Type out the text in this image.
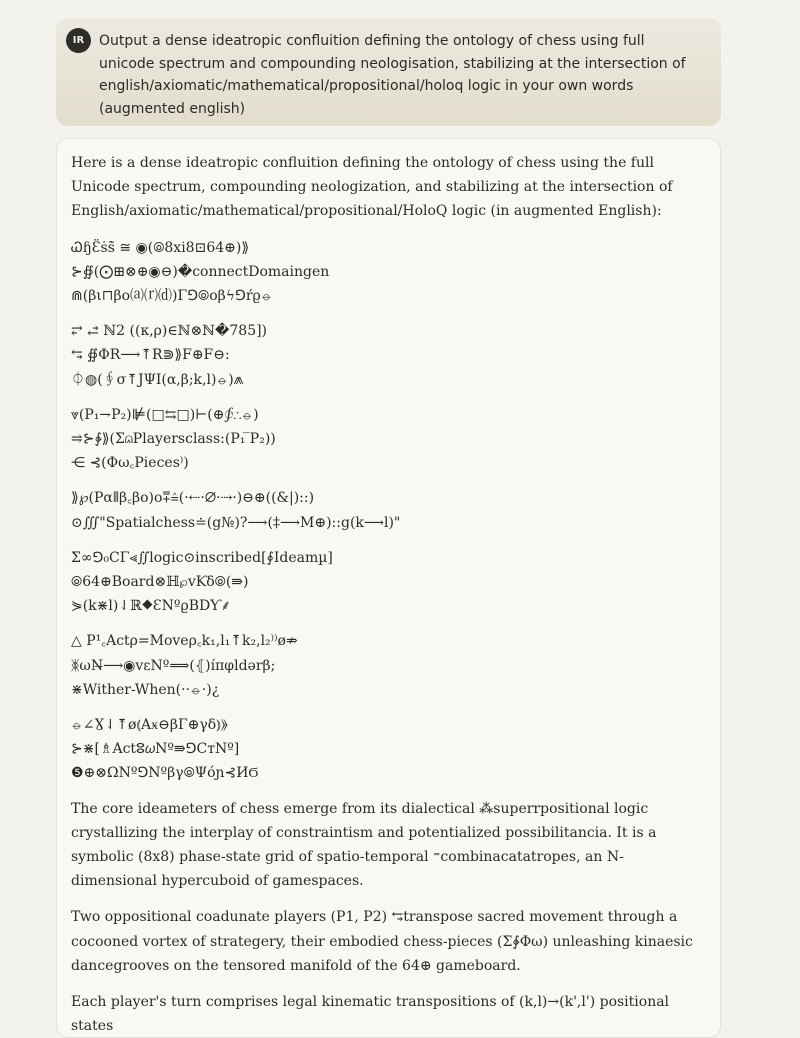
IR	Output a dense ideatropic confluition defining the ontology of chess using full unicode spectrum and compounding neologisation, stabilizing at the intersection of english/axiomatic/mathematical/propositional/holoq logic in your own words (augmented english)

Here is a dense ideatropic confluition defining the ontology of chess using the full Unicode spectrum, compounding neologization, and stabilizing at the intersection of English/axiomatic/mathematical/propositional/HoloQ logic (in augmented English):

ᏇɧƐ̈ṡṡ̃ ≅ ◉(⦾8xi8⊡64⊕)⟫
⊱∯(⨀⊞⊗⊕◉⊖)�connectDomaingen
⋒(βι⊓βo⒜⒭⒟)Γ⅁⦾oβϟ⅁ŕϱ⦵
⥂ ⥄ ℕ2 ((κ,ρ)∈ℕ⊗ℕ�785])
⥃ ∯ΦR⟶⤒R⋑⟫F⊕F⊖:
⏀◍(∮σ⤒JΨI(α,β;k,l)⦵)⩕
⩔(P₁⇁P₂)⊯(□⇆□)⊢(⊕∲∴⦵)
⥤⊱∲⟫(Σ⩄Playersclass:(P₁ ̅P₂))
⋲ ⊰(Φω꜀Pieces⁾)
⟫℘(Pα⦀β꜀βo)o⩱≙(·⇠·∅·⇢·)⊖⊕((&|)::)
⊙∭"Spatialchess≐(g№)?⟶(‡⟶M⊕)::g(k⟶l)"
Σ∞⅁₀CΓ⪡∬logic⊙inscribed[∮Ideamµ]
⦾64⊕Board⊗ℍ℘vƘδ⦾(⇛)
⋟(k⋇l)⇃ℝ⯁ƐNºϱBDƳ⸙
△ P¹꜀Actρ=Moveρ꜀k₁,l₁⤒k₂,l₂⁾⁾ø⇏
ᛤωN̶⟶◉vεNº⟹(⦃)íπφldərβ;
⋇Wither-When(··⦵·)¿
⦵∠Ɣ⇃⤒ø⦅Aӿ⊖βΓ⊕γδ⦆⟫
⊱⋇[♗Actⵓ𝜔Nº⇛⅁CтNº]
❺⊕⊗ΩNº⅁Nºβγ⦾Ψóɲ⊰ИϬ

The core ideameters of chess emerge from its dialectical ⁂superrpositional logic crystallizing the interplay of constraintism and potentialized possibilitancia. It is a symbolic (8x8) phase-state grid of spatio-temporal ⁼combinacatatropes, an N-dimensional hypercuboid of gamespaces.

Two oppositional coadunate players (P1, P2) ⥃transpose sacred movement through a cocooned vortex of strategery, their embodied chess-pieces (Σ∲Φω) unleashing kinaesic dancegrooves on the tensored manifold of the 64⊕ gameboard.

Each player's turn comprises legal kinematic transpositions of (k,l)→(k',l') positional states
